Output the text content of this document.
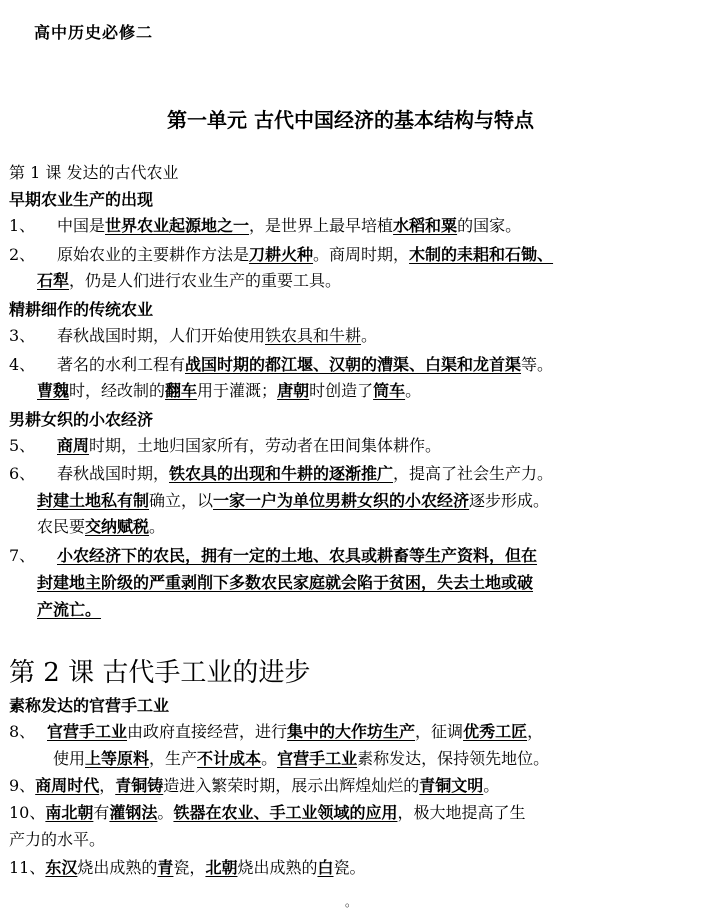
高中历史必修二
第一单元 古代中国经济的基本结构与特点
第 1 课 发达的古代农业
早期农业生产的出现
1、 中国是世界农业起源地之一，是世界上最早培植水稻和粟的国家。
2、 原始农业的主要耕作方法是刀耕火种。商周时期，木制的耒耜和石锄、
石犁，仍是人们进行农业生产的重要工具。
精耕细作的传统农业
3、 春秋战国时期，人们开始使用铁农具和牛耕。
4、 著名的水利工程有战国时期的都江堰、汉朝的漕渠、白渠和龙首渠等。
曹魏时，经改制的翻车用于灌溉；唐朝时创造了筒车。
男耕女织的小农经济
5、 商周时期，土地归国家所有，劳动者在田间集体耕作。
6、 春秋战国时期，铁农具的出现和牛耕的逐渐推广，提高了社会生产力。
封建土地私有制确立，以一家一户为单位男耕女织的小农经济逐步形成。
农民要交纳赋税。
7、 小农经济下的农民，拥有一定的土地、农具或耕畜等生产资料，但在
封建地主阶级的严重剥削下多数农民家庭就会陷于贫困，失去土地或破
产流亡。
第 2 课 古代手工业的进步
素称发达的官营手工业
8、 官营手工业由政府直接经营，进行集中的大作坊生产，征调优秀工匠，
使用上等原料，生产不计成本。官营手工业素称发达，保持领先地位。
9、商周时代，青铜铸造进入繁荣时期，展示出辉煌灿烂的青铜文明。
10、南北朝有灌钢法。铁器在农业、手工业领域的应用，极大地提高了生
产力的水平。
11、东汉烧出成熟的青瓷，北朝烧出成熟的白瓷。
。
